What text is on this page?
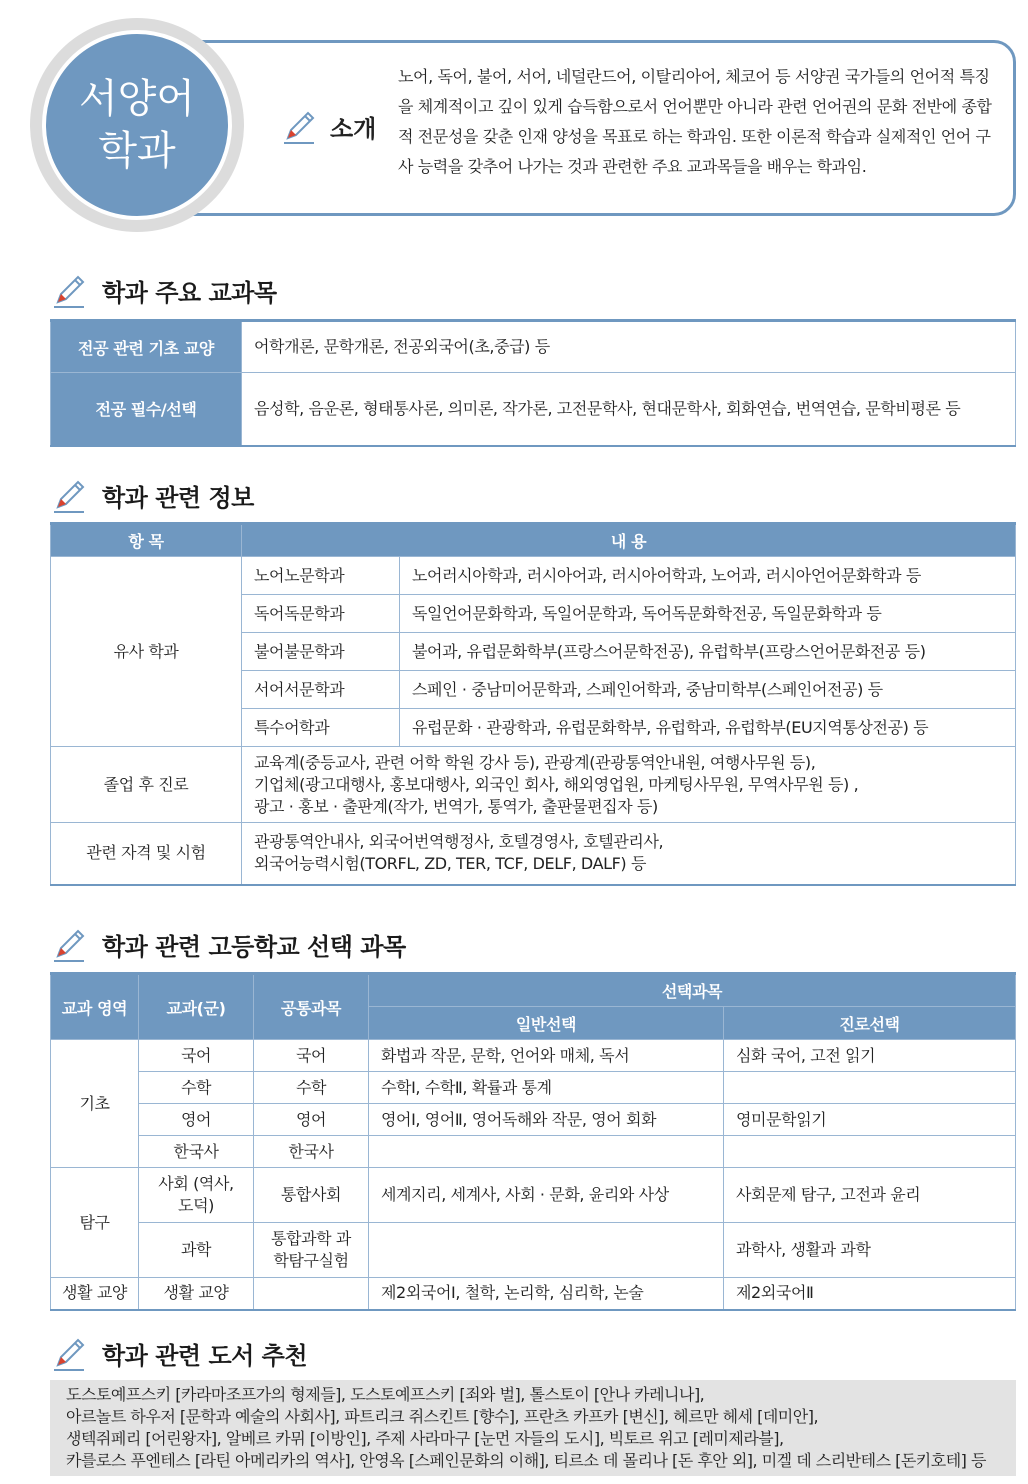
서양어
학과	소개
노어, 독어, 불어, 서어, 네덜란드어, 이탈리아어, 체코어 등 서양권 국가들의 언어적 특징을 체계적이고 깊이 있게 습득함으로서 언어뿐만 아니라 관련 언어권의 문화 전반에 종합적 전문성을 갖춘 인재 양성을 목표로 하는 학과임. 또한 이론적 학습과 실제적인 언어 구사 능력을 갖추어 나가는 것과 관련한 주요 교과목들을 배우는 학과임.
학과 주요 교과목
전공 관련 기초 교양	어학개론, 문학개론, 전공외국어(초,중급) 등
전공 필수/선택	음성학, 음운론, 형태통사론, 의미론, 작가론, 고전문학사, 현대문학사, 회화연습, 번역연습, 문학비평론 등
학과 관련 정보
항 목	내 용	
유사 학과	노어노문학과	노어러시아학과, 러시아어과, 러시아어학과, 노어과, 러시아언어문화학과 등
	독어독문학과	독일언어문화학과, 독일어문학과, 독어독문화학전공, 독일문화학과 등
	불어불문학과	불어과, 유럽문화학부(프랑스어문학전공), 유럽학부(프랑스언어문화전공 등)
	서어서문학과	스페인 · 중남미어문학과, 스페인어학과, 중남미학부(스페인어전공) 등
	특수어학과	유럽문화 · 관광학과, 유럽문화학부, 유럽학과, 유럽학부(EU지역통상전공) 등
졸업 후 진로	교육계(중등교사, 관련 어학 학원 강사 등), 관광계(관광통역안내원, 여행사무원 등),
기업체(광고대행사, 홍보대행사, 외국인 회사, 해외영업원, 마케팅사무원, 무역사무원 등) ,
광고 · 홍보 · 출판계(작가, 번역가, 통역가, 출판물편집자 등)	

관련 자격 및 시험	관광통역안내사, 외국어번역행정사, 호텔경영사, 호텔관리사,
외국어능력시험(TORFL, ZD, TER, TCF, DELF, DALF) 등	
학과 관련 고등학교 선택 과목
교과 영역	교과(군)	공통과목	선택과목	
			일반선택	진로선택
기초	국어	국어	화법과 작문, 문학, 언어와 매체, 독서	심화 국어, 고전 읽기
	수학	수학	수학Ⅰ, 수학Ⅱ, 확률과 통계	
	영어	영어	영어Ⅰ, 영어Ⅱ, 영어독해와 작문, 영어 회화	영미문학읽기
	한국사	한국사		
탐구	사회 (역사,도덕)	통합사회	세계지리, 세계사, 사회 · 문화, 윤리와 사상	사회문제 탐구, 고전과 윤리
	과학	통합과학 과학탐구실험		과학사, 생활과 과학
생활 교양	생활 교양		제2외국어Ⅰ, 철학, 논리학, 심리학, 논술	제2외국어Ⅱ
학과 관련 도서 추천
도스토예프스키 [카라마조프가의 형제들], 도스토예프스키 [죄와 벌], 톨스토이 [안나 카레니나],
아르놀트 하우저 [문학과 예술의 사회사], 파트리크 쥐스킨트 [향수], 프란츠 카프카 [변신], 헤르만 헤세 [데미안],
생텍쥐페리 [어린왕자], 알베르 카뮈 [이방인], 주제 사라마구 [눈먼 자들의 도시], 빅토르 위고 [레미제라블],
카를로스 푸엔테스 [라틴 아메리카의 역사], 안영옥 [스페인문화의 이해], 티르소 데 몰리나 [돈 후안 외], 미겔 데 스리반테스 [돈키호테] 등
